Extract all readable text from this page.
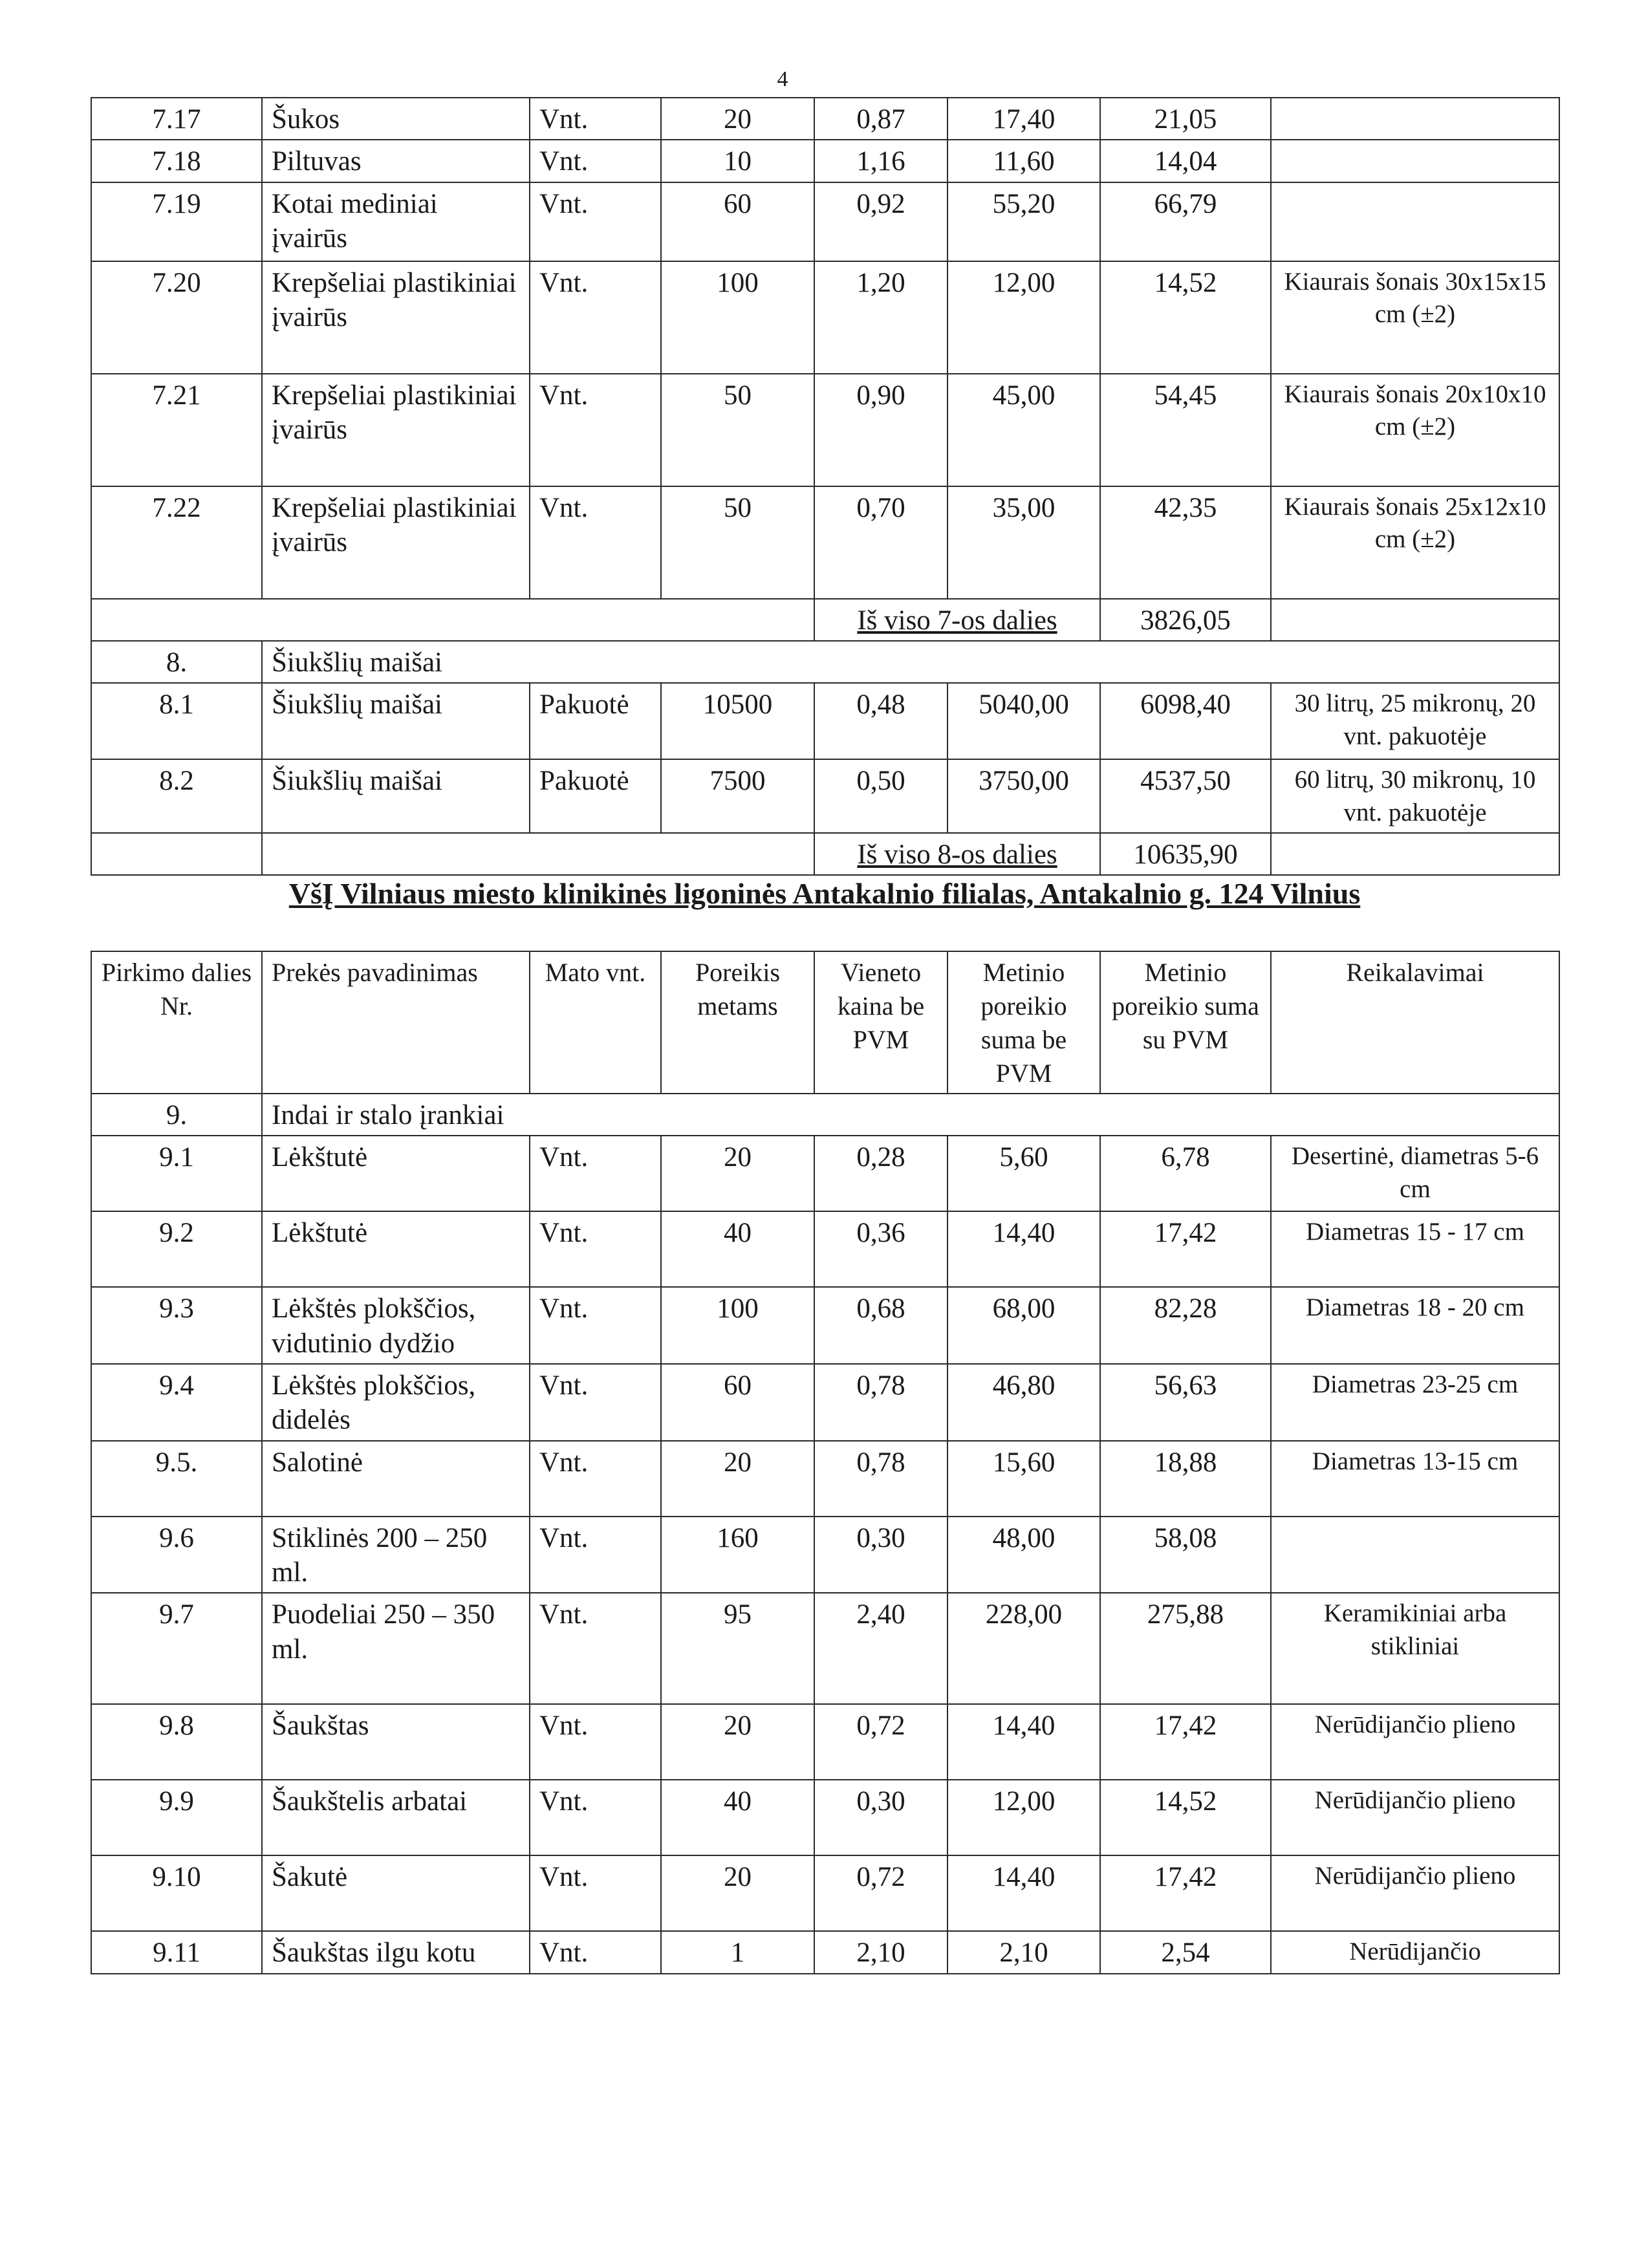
4
7.17	Šukos	Vnt.	20	0,87	17,40	21,05	
7.18	Piltuvas	Vnt.	10	1,16	11,60	14,04	
7.19	Kotai mediniai įvairūs	Vnt.	60	0,92	55,20	66,79	
7.20	Krepšeliai plastikiniai įvairūs	Vnt.	100	1,20	12,00	14,52	Kiaurais šonais 30x15x15 cm (±2)
7.21	Krepšeliai plastikiniai įvairūs	Vnt.	50	0,90	45,00	54,45	Kiaurais šonais 20x10x10 cm (±2)
7.22	Krepšeliai plastikiniai įvairūs	Vnt.	50	0,70	35,00	42,35	Kiaurais šonais 25x12x10 cm (±2)
				Iš viso 7-os dalies		3826,05	
8.	Šiukšlių maišai						
8.1	Šiukšlių maišai	Pakuotė	10500	0,48	5040,00	6098,40	30 litrų, 25 mikronų, 20 vnt. pakuotėje
8.2	Šiukšlių maišai	Pakuotė	7500	0,50	3750,00	4537,50	60 litrų, 30 mikronų, 10 vnt. pakuotėje
				Iš viso 8-os dalies		10635,90	
VšĮ Vilniaus miesto klinikinės ligoninės Antakalnio filialas, Antakalnio g. 124 Vilnius
Pirkimo dalies Nr.	Prekės pavadinimas	Mato vnt.	Poreikis metams	Vieneto kaina be PVM	Metinio poreikio suma be PVM	Metinio poreikio suma su PVM	Reikalavimai
9.	Indai ir stalo įrankiai						
9.1	Lėkštutė	Vnt.	20	0,28	5,60	6,78	Desertinė, diametras 5-6 cm
9.2	Lėkštutė	Vnt.	40	0,36	14,40	17,42	Diametras 15 - 17 cm
9.3	Lėkštės plokščios, vidutinio dydžio	Vnt.	100	0,68	68,00	82,28	Diametras 18 - 20 cm
9.4	Lėkštės plokščios, didelės	Vnt.	60	0,78	46,80	56,63	Diametras 23-25 cm
9.5.	Salotinė	Vnt.	20	0,78	15,60	18,88	Diametras 13-15 cm
9.6	Stiklinės 200 – 250 ml.	Vnt.	160	0,30	48,00	58,08	
9.7	Puodeliai 250 – 350 ml.	Vnt.	95	2,40	228,00	275,88	Keramikiniai arba stikliniai
9.8	Šaukštas	Vnt.	20	0,72	14,40	17,42	Nerūdijančio plieno
9.9	Šaukštelis arbatai	Vnt.	40	0,30	12,00	14,52	Nerūdijančio plieno
9.10	Šakutė	Vnt.	20	0,72	14,40	17,42	Nerūdijančio plieno
9.11	Šaukštas ilgu kotu	Vnt.	1	2,10	2,10	2,54	Nerūdijančio
